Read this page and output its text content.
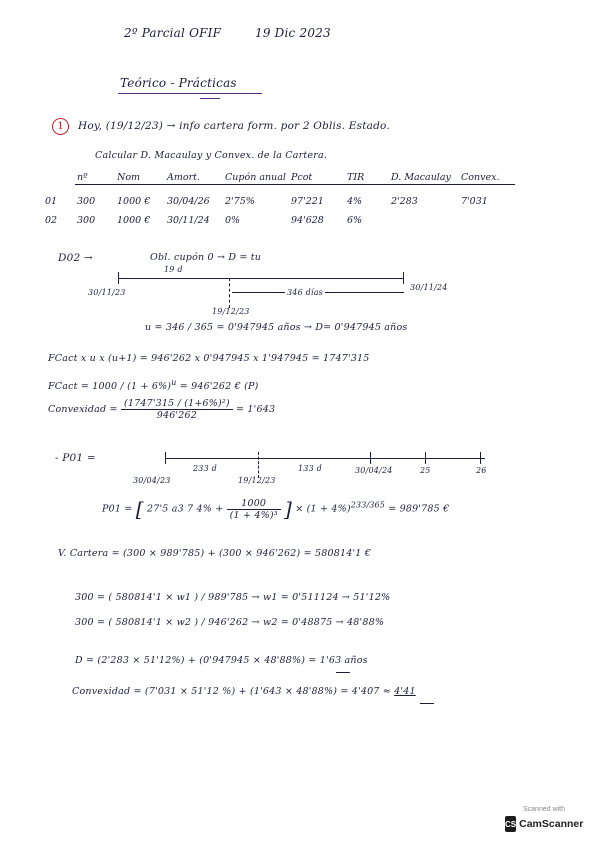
2º Parcial OFIF	19 Dic 2023
Teórico - Prácticas
1	Hoy, (19/12/23) → info cartera form. por 2 Oblis. Estado.
Calcular D. Macaulay y Convex. de la Cartera.
	nº	Nom	Amort.	Cupón anual	Pcot	TIR	D. Macaulay	Convex.
01	300	1000 €	30/04/26	2'75%	97'221	4%	2'283	7'031
02	300	1000 €	30/11/24	0%	94'628	6%		
D02 →	Obl. cupón 0 → D = tu
19 d
30/11/23
30/11/24
346 días
19/12/23
u = 346 / 365 = 0'947945 años → D= 0'947945 años
FCact x u x (u+1) = 946'262 x 0'947945 x 1'947945 = 1747'315
FCact = $1000 / (1 + 6\%)^u = 946'262$ € (P)
Convexidad = $\frac{\text{(1747'315 / (1+6\%)²)}}{946'262} = 1'643$
- P01 =
233 d	133 d
30/04/23	19/12/23
30/04/24	25	26
P01 = [ 27'5 a3 7 $4\% + \frac{1000}{\text{(1 + 4\%)³}}$ ] × $(1 + 4\%)^{233/365} = 989'785$ €
V. Cartera = (300 × 989'785) + (300 × 946'262) = 580814'1 €
300 = ( 580814'1 × w1 ) / 989'785 → w1 = 0'511124 → 51'12%
300 = ( 580814'1 × w2 ) / 946'262 → w2 = 0'48875 → 48'88%
D = (2'283 × 51'12%) + (0'947945 × 48'88%) = 1'63 años
Convexidad = (7'031 × 51'12 %) + (1'643 × 48'88%) = 4'407 ≈ 4'41
Scanned with
CS CamScanner
